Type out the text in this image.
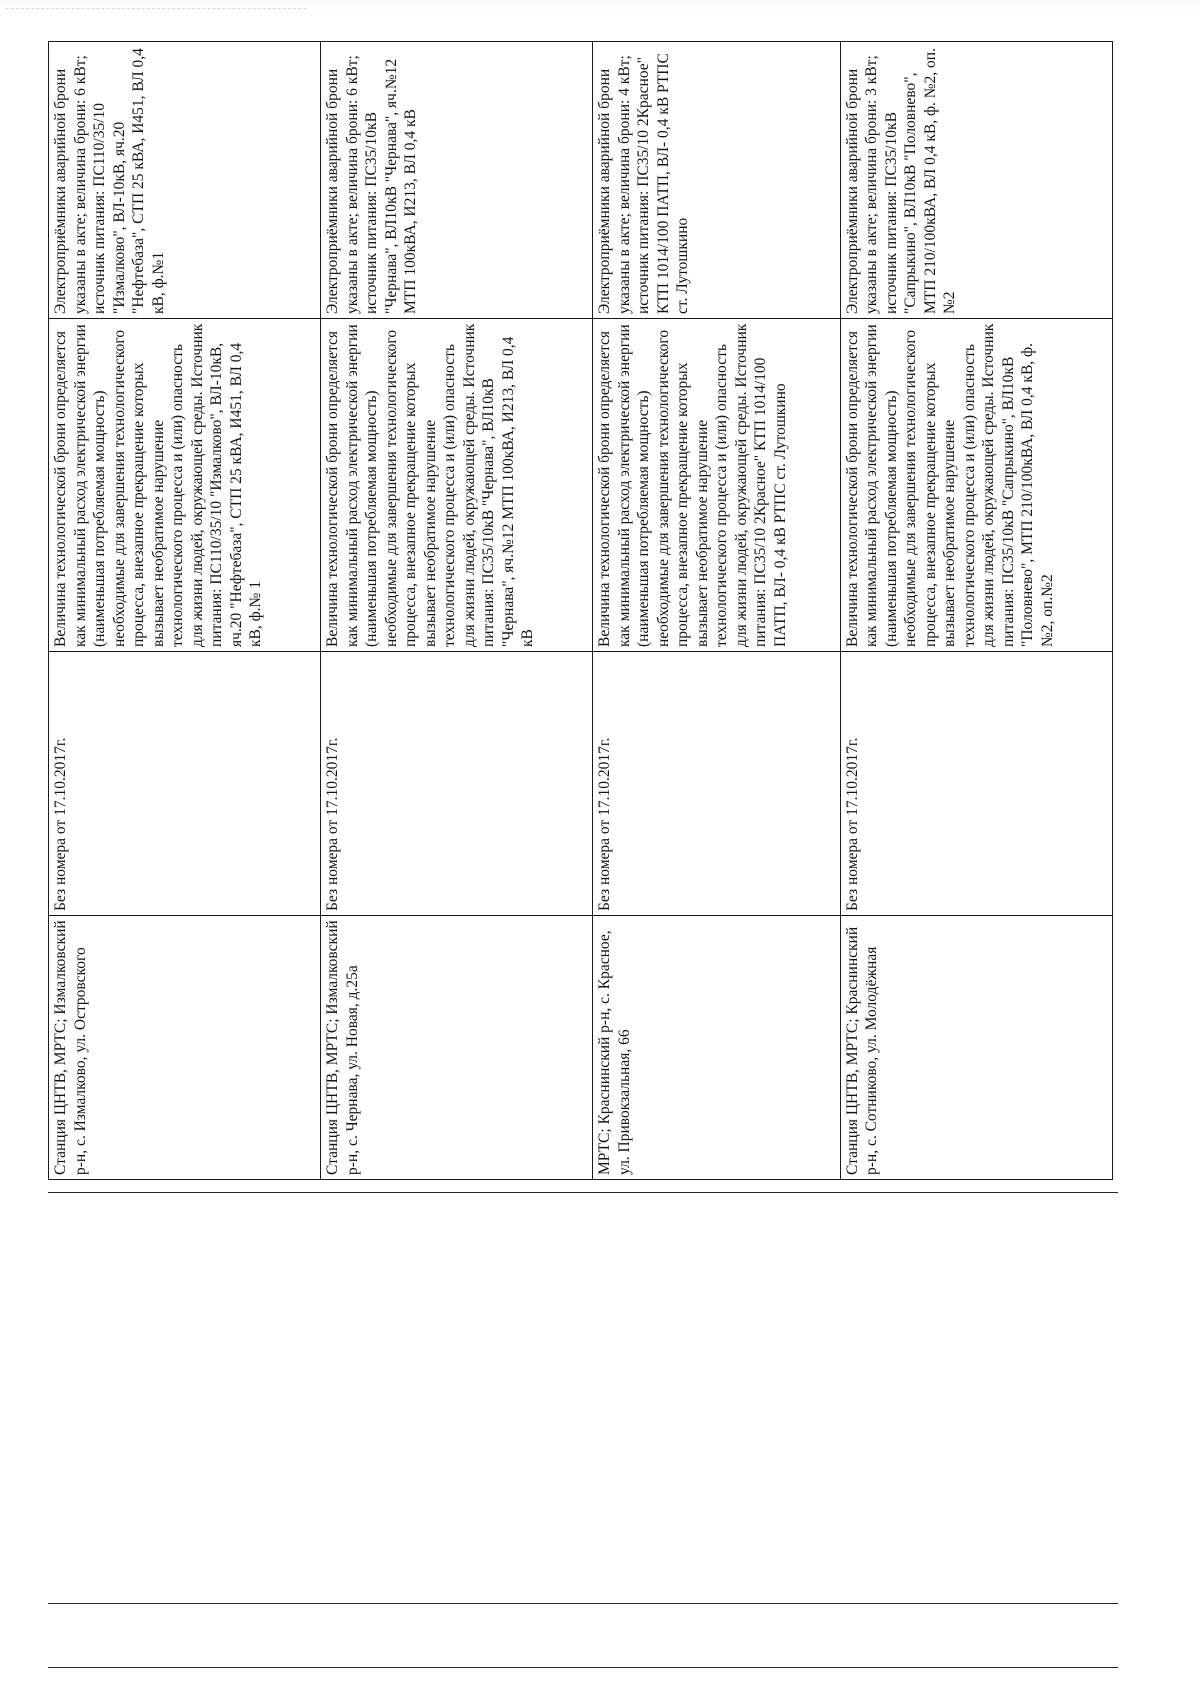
Станция ЦНТВ, МРТС; Измалковский р-н, с. Измалково, ул. Островского	Без номера от 17.10.2017г.	Величина технологической брони определяется как минимальный расход электрической энергии (наименьшая потребляемая мощность) необходимые для завершения технологического процесса, внезапное прекращение которых вызывает необратимое нарушение технологического процесса и (или) опасность для жизни людей, окружающей среды. Источник питания: ПС110/35/10 "Измалково", ВЛ-10кВ, яч.20 "Нефтебаза", СТП 25 кВА, И451, ВЛ 0,4 кВ, ф.№ 1	Электроприёмники аварийной брони указаны в акте; величина брони: 6 кВт; источник питания: ПС110/35/10 "Измалково", ВЛ-10кВ, яч.20 "Нефтебаза", СТП 25 кВА, И451, ВЛ 0,4 кВ, ф.№1
Станция ЦНТВ, МРТС; Измалковский р-н, с. Чернава, ул. Новая, д.25а	Без номера от 17.10.2017г.	Величина технологической брони определяется как минимальный расход электрической энергии (наименьшая потребляемая мощность) необходимые для завершения технологического процесса, внезапное прекращение которых вызывает необратимое нарушение технологического процесса и (или) опасность для жизни людей, окружающей среды. Источник питания: ПС35/10кВ "Чернава", ВЛ10кВ "Чернава", яч.№12 МТП 100кВА, И213, ВЛ 0,4 кВ	Электроприёмники аварийной брони указаны в акте; величина брони: 6 кВт; источник питания: ПС35/10кВ "Чернава", ВЛ10кВ "Чернава", яч.№12 МТП 100кВА, И213, ВЛ 0,4 кВ
МРТС; Краснинский р-н, с. Красное, ул. Привокзальная, 66	Без номера от 17.10.2017г.	Величина технологической брони определяется как минимальный расход электрической энергии (наименьшая потребляемая мощность) необходимые для завершения технологического процесса, внезапное прекращение которых вызывает необратимое нарушение технологического процесса и (или) опасность для жизни людей, окружающей среды. Источник питания: ПС35/10 2Красное" КТП 1014/100 ПАТП, ВЛ- 0,4 кВ РТПС ст. Лутошкино	Электроприёмники аварийной брони указаны в акте; величина брони: 4 кВт; источник питания: ПС35/10 2Красное" КТП 1014/100 ПАТП, ВЛ- 0,4 кВ РТПС ст. Лутошкино
Станция ЦНТВ, МРТС; Краснинский р-н, с. Сотниково, ул. Молодёжная	Без номера от 17.10.2017г.	Величина технологической брони определяется как минимальный расход электрической энергии (наименьшая потребляемая мощность) необходимые для завершения технологического процесса, внезапное прекращение которых вызывает необратимое нарушение технологического процесса и (или) опасность для жизни людей, окружающей среды. Источник питания: ПС35/10кВ "Сапрыкино", ВЛ10кВ "Половнево", МТП 210/100кВА, ВЛ 0,4 кВ, ф. №2, оп.№2	Электроприёмники аварийной брони указаны в акте; величина брони: 3 кВт; источник питания: ПС35/10кВ "Сапрыкино", ВЛ10кВ "Половнево", МТП 210/100кВА, ВЛ 0,4 кВ, ф. №2, оп.№2
